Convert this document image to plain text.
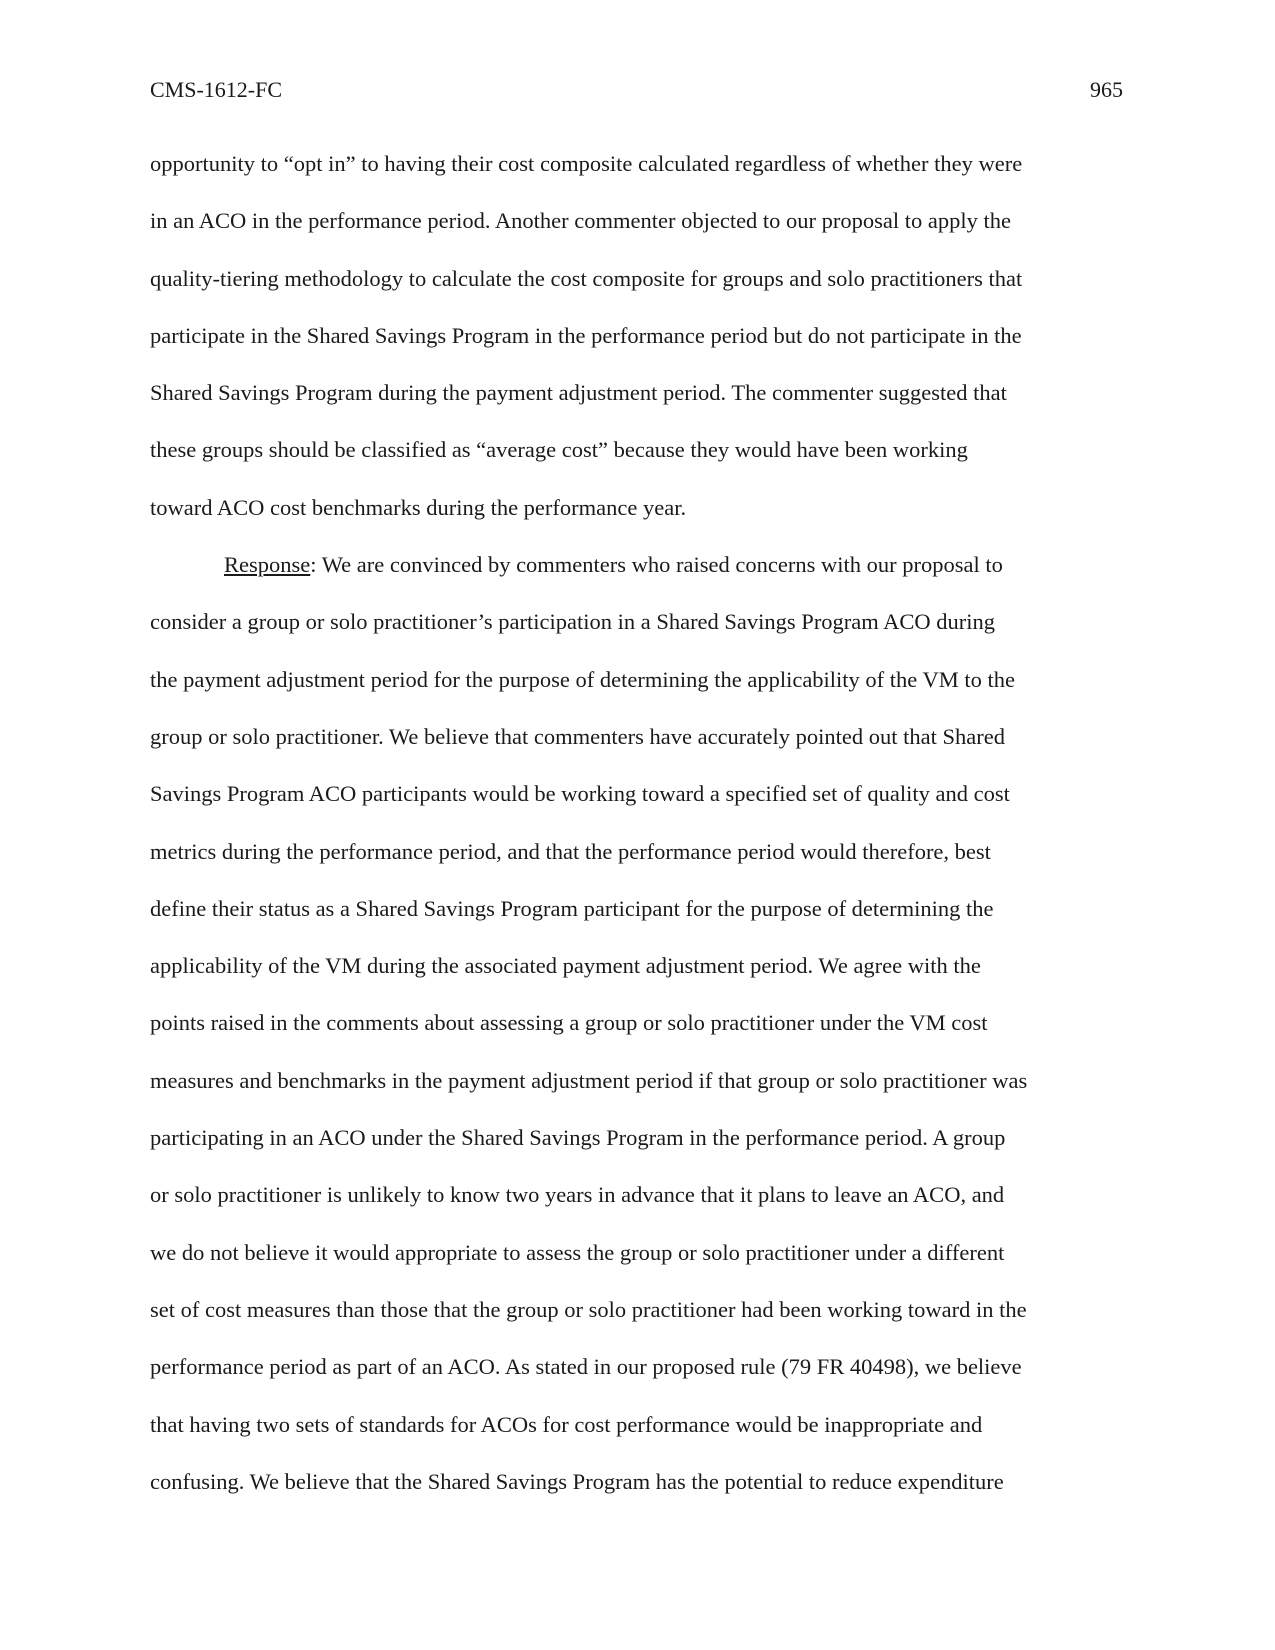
CMS-1612-FC	965
opportunity to “opt in” to having their cost composite calculated regardless of whether they were
in an ACO in the performance period. Another commenter objected to our proposal to apply the
quality-tiering methodology to calculate the cost composite for groups and solo practitioners that
participate in the Shared Savings Program in the performance period but do not participate in the
Shared Savings Program during the payment adjustment period. The commenter suggested that
these groups should be classified as “average cost” because they would have been working
toward ACO cost benchmarks during the performance year.
Response: We are convinced by commenters who raised concerns with our proposal to
consider a group or solo practitioner’s participation in a Shared Savings Program ACO during
the payment adjustment period for the purpose of determining the applicability of the VM to the
group or solo practitioner. We believe that commenters have accurately pointed out that Shared
Savings Program ACO participants would be working toward a specified set of quality and cost
metrics during the performance period, and that the performance period would therefore, best
define their status as a Shared Savings Program participant for the purpose of determining the
applicability of the VM during the associated payment adjustment period. We agree with the
points raised in the comments about assessing a group or solo practitioner under the VM cost
measures and benchmarks in the payment adjustment period if that group or solo practitioner was
participating in an ACO under the Shared Savings Program in the performance period. A group
or solo practitioner is unlikely to know two years in advance that it plans to leave an ACO, and
we do not believe it would appropriate to assess the group or solo practitioner under a different
set of cost measures than those that the group or solo practitioner had been working toward in the
performance period as part of an ACO. As stated in our proposed rule (79 FR 40498), we believe
that having two sets of standards for ACOs for cost performance would be inappropriate and
confusing. We believe that the Shared Savings Program has the potential to reduce expenditure
